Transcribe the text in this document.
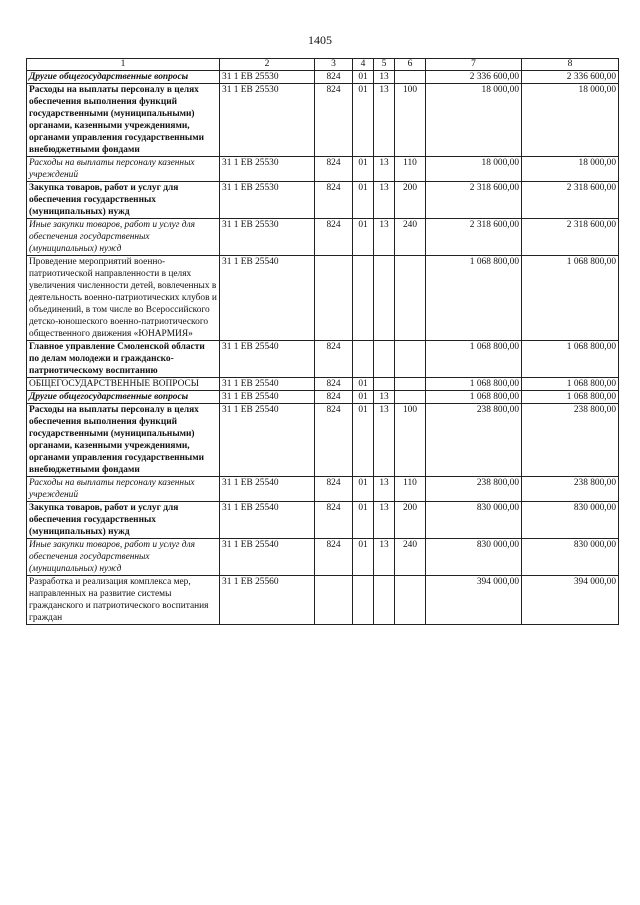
1405
1	2	3	4	5	6	7	8
Другие общегосударственные вопросы	31 1 ЕВ 25530	824	01	13		2 336 600,00	2 336 600,00
Расходы на выплаты персоналу в целях обеспечения выполнения функций государственными (муниципальными) органами, казенными учреждениями, органами управления государственными внебюджетными фондами	31 1 ЕВ 25530	824	01	13	100	18 000,00	18 000,00
Расходы на выплаты персоналу казенных учреждений	31 1 ЕВ 25530	824	01	13	110	18 000,00	18 000,00
Закупка товаров, работ и услуг для обеспечения государственных (муниципальных) нужд	31 1 ЕВ 25530	824	01	13	200	2 318 600,00	2 318 600,00
Иные закупки товаров, работ и услуг для обеспечения государственных (муниципальных) нужд	31 1 ЕВ 25530	824	01	13	240	2 318 600,00	2 318 600,00
Проведение мероприятий военно-патриотической направленности в целях увеличения численности детей, вовлеченных в деятельность военно-патриотических клубов и объединений, в том числе во Всероссийского детско-юношеского военно-патриотического общественного движения «ЮНАРМИЯ»	31 1 ЕВ 25540					1 068 800,00	1 068 800,00
Главное управление Смоленской области по делам молодежи и гражданско-патриотическому воспитанию	31 1 ЕВ 25540	824				1 068 800,00	1 068 800,00
ОБЩЕГОСУДАРСТВЕННЫЕ ВОПРОСЫ	31 1 ЕВ 25540	824	01			1 068 800,00	1 068 800,00
Другие общегосударственные вопросы	31 1 ЕВ 25540	824	01	13		1 068 800,00	1 068 800,00
Расходы на выплаты персоналу в целях обеспечения выполнения функций государственными (муниципальными) органами, казенными учреждениями, органами управления государственными внебюджетными фондами	31 1 ЕВ 25540	824	01	13	100	238 800,00	238 800,00
Расходы на выплаты персоналу казенных учреждений	31 1 ЕВ 25540	824	01	13	110	238 800,00	238 800,00
Закупка товаров, работ и услуг для обеспечения государственных (муниципальных) нужд	31 1 ЕВ 25540	824	01	13	200	830 000,00	830 000,00
Иные закупки товаров, работ и услуг для обеспечения государственных (муниципальных) нужд	31 1 ЕВ 25540	824	01	13	240	830 000,00	830 000,00
Разработка и реализация комплекса мер, направленных на развитие системы гражданского и патриотического воспитания граждан	31 1 ЕВ 25560					394 000,00	394 000,00
